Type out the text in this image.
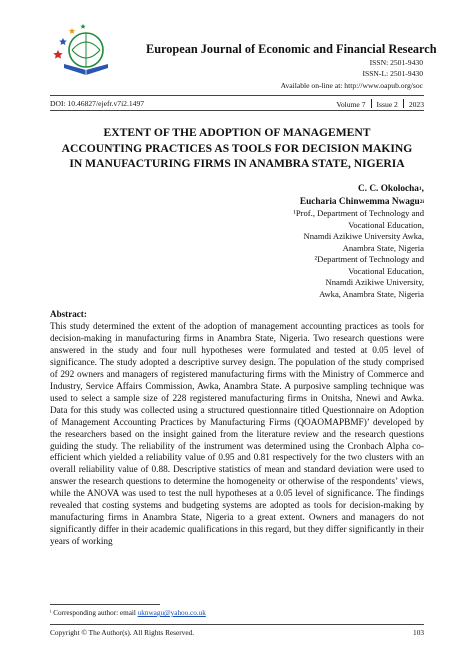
European Journal of Economic and Financial Research
ISSN: 2501-9430
ISSN-L: 2501-9430
Available on-line at: http://www.oapub.org/soc
DOI: 10.46827/ejefr.v7i2.1497	Volume 7 Issue 2 2023
EXTENT OF THE ADOPTION OF MANAGEMENT
ACCOUNTING PRACTICES AS TOOLS FOR DECISION MAKING
IN MANUFACTURING FIRMS IN ANAMBRA STATE, NIGERIA
C. C. Okolocha$^1$,
Eucharia Chinwemma Nwagu$^{2i}$
¹Prof., Department of Technology and
Vocational Education,
Nnamdi Azikiwe University Awka,
Anambra State, Nigeria
²Department of Technology and
Vocational Education,
Nnamdi Azikiwe University,
Awka, Anambra State, Nigeria
Abstract:
This study determined the extent of the adoption of management accounting practices as tools for decision-making in manufacturing firms in Anambra State, Nigeria. Two research questions were answered in the study and four null hypotheses were formulated and tested at 0.05 level of significance. The study adopted a descriptive survey design. The population of the study comprised of 292 owners and managers of registered manufacturing firms with the Ministry of Commerce and Industry, Service Affairs Commission, Awka, Anambra State. A purposive sampling technique was used to select a sample size of 228 registered manufacturing firms in Onitsha, Nnewi and Awka. Data for this study was collected using a structured questionnaire titled Questionnaire on Adoption of Management Accounting Practices by Manufacturing Firms (QOAOMAPBMF)’ developed by the researchers based on the insight gained from the literature review and the research questions guiding the study. The reliability of the instrument was determined using the Cronbach Alpha co-efficient which yielded a reliability value of 0.95 and 0.81 respectively for the two clusters with an overall reliability value of 0.88. Descriptive statistics of mean and standard deviation were used to answer the research questions to determine the homogeneity or otherwise of the respondents’ views, while the ANOVA was used to test the null hypotheses at a 0.05 level of significance. The findings revealed that costing systems and budgeting systems are adopted as tools for decision-making by manufacturing firms in Anambra State, Nigeria to a great extent. Owners and managers do not significantly differ in their academic qualifications in this regard, but they differ significantly in their years of working
ⁱ Corresponding author: email uknwagu@yahoo.co.uk
Copyright © The Author(s). All Rights Reserved.	103
